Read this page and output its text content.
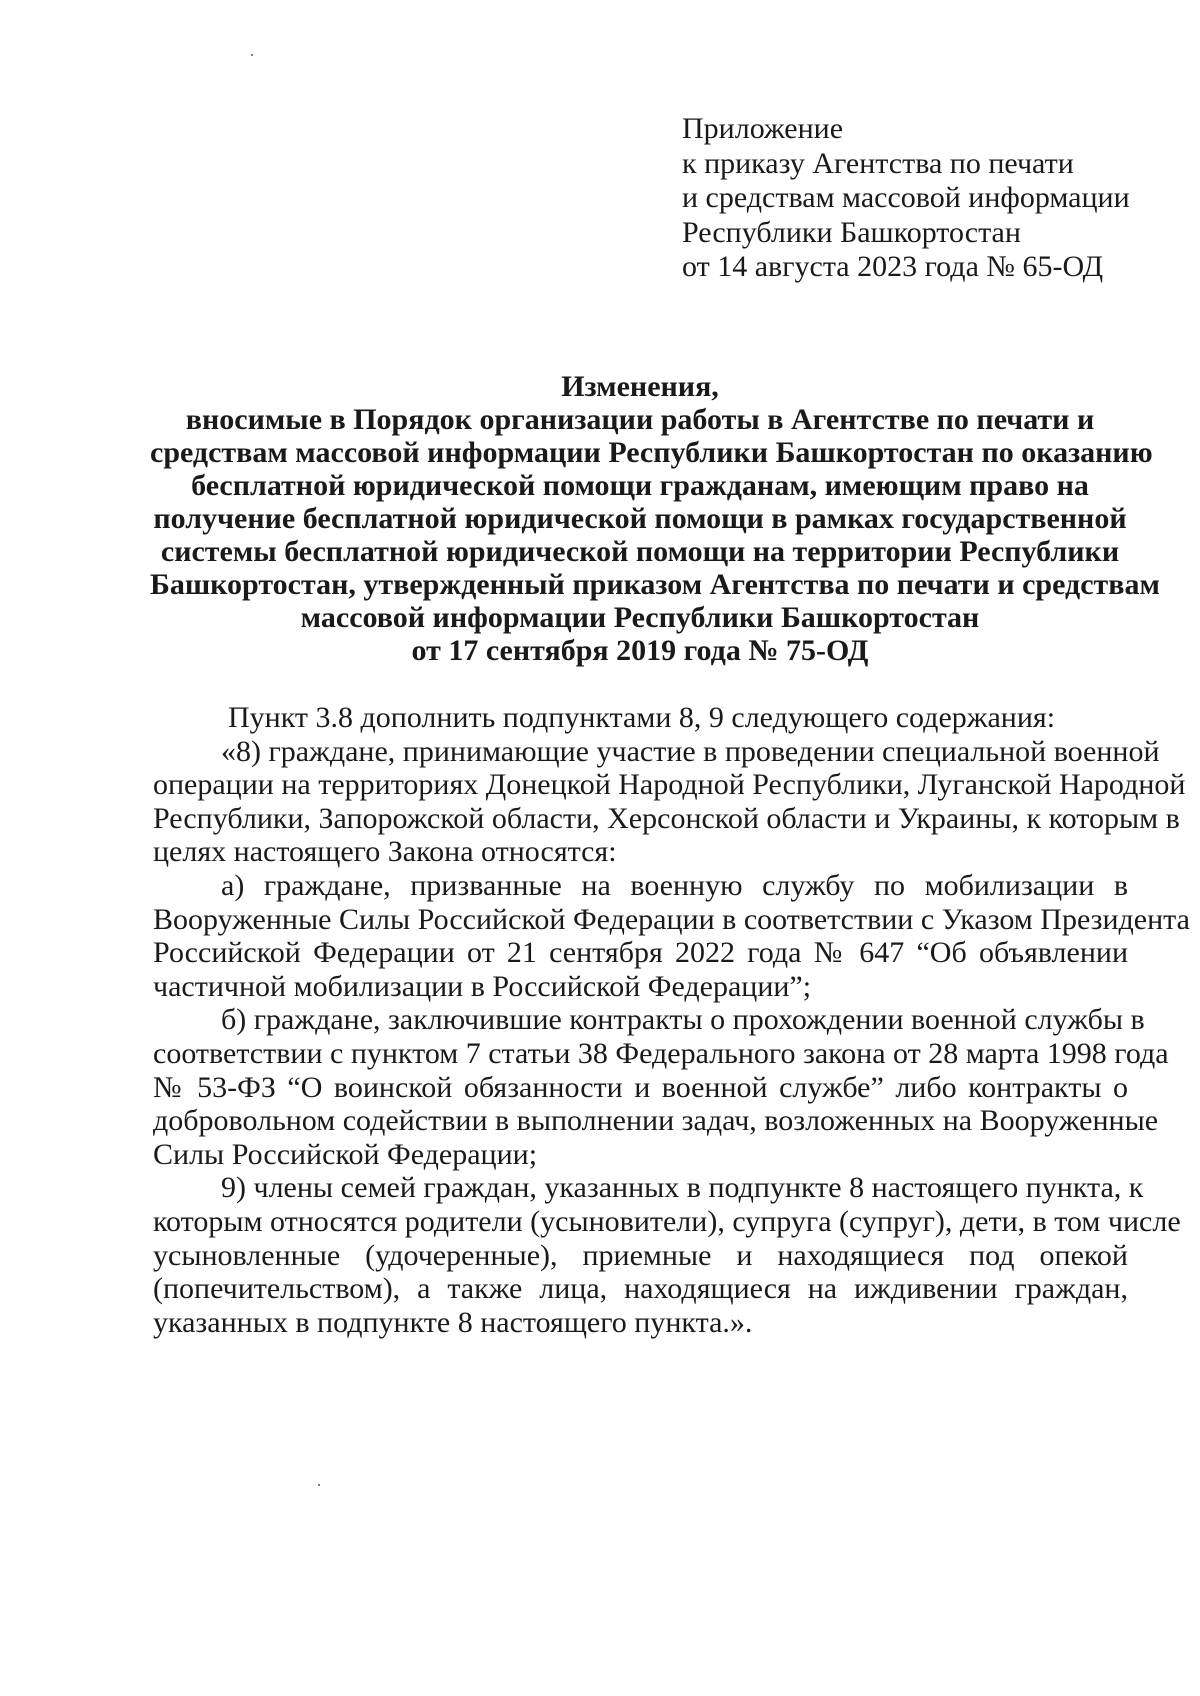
Приложение
к приказу Агентства по печати
и средствам массовой информации
Республики Башкортостан
от 14 августа 2023 года № 65-ОД
Изменения,
вносимые в Порядок организации работы в Агентстве по печати и
средствам массовой информации Республики Башкортостан по оказанию
бесплатной юридической помощи гражданам, имеющим право на
получение бесплатной юридической помощи в рамках государственной
системы бесплатной юридической помощи на территории Республики
Башкортостан, утвержденный приказом Агентства по печати и средствам
массовой информации Республики Башкортостан
от 17 сентября 2019 года № 75-ОД
Пункт 3.8 дополнить подпунктами 8, 9 следующего содержания:
«8) граждане, принимающие участие в проведении специальной военной
операции на территориях Донецкой Народной Республики, Луганской Народной
Республики, Запорожской области, Херсонской области и Украины, к которым в
целях настоящего Закона относятся:
а) граждане, призванные на военную службу по мобилизации в
Вооруженные Силы Российской Федерации в соответствии с Указом Президента
Российской Федерации от 21 сентября 2022 года № 647 “Об объявлении
частичной мобилизации в Российской Федерации”;
б) граждане, заключившие контракты о прохождении военной службы в
соответствии с пунктом 7 статьи 38 Федерального закона от 28 марта 1998 года
№ 53-ФЗ “О воинской обязанности и военной службе” либо контракты о
добровольном содействии в выполнении задач, возложенных на Вооруженные
Силы Российской Федерации;
9) члены семей граждан, указанных в подпункте 8 настоящего пункта, к
которым относятся родители (усыновители), супруга (супруг), дети, в том числе
усыновленные (удочеренные), приемные и находящиеся под опекой
(попечительством), а также лица, находящиеся на иждивении граждан,
указанных в подпункте 8 настоящего пункта.».
